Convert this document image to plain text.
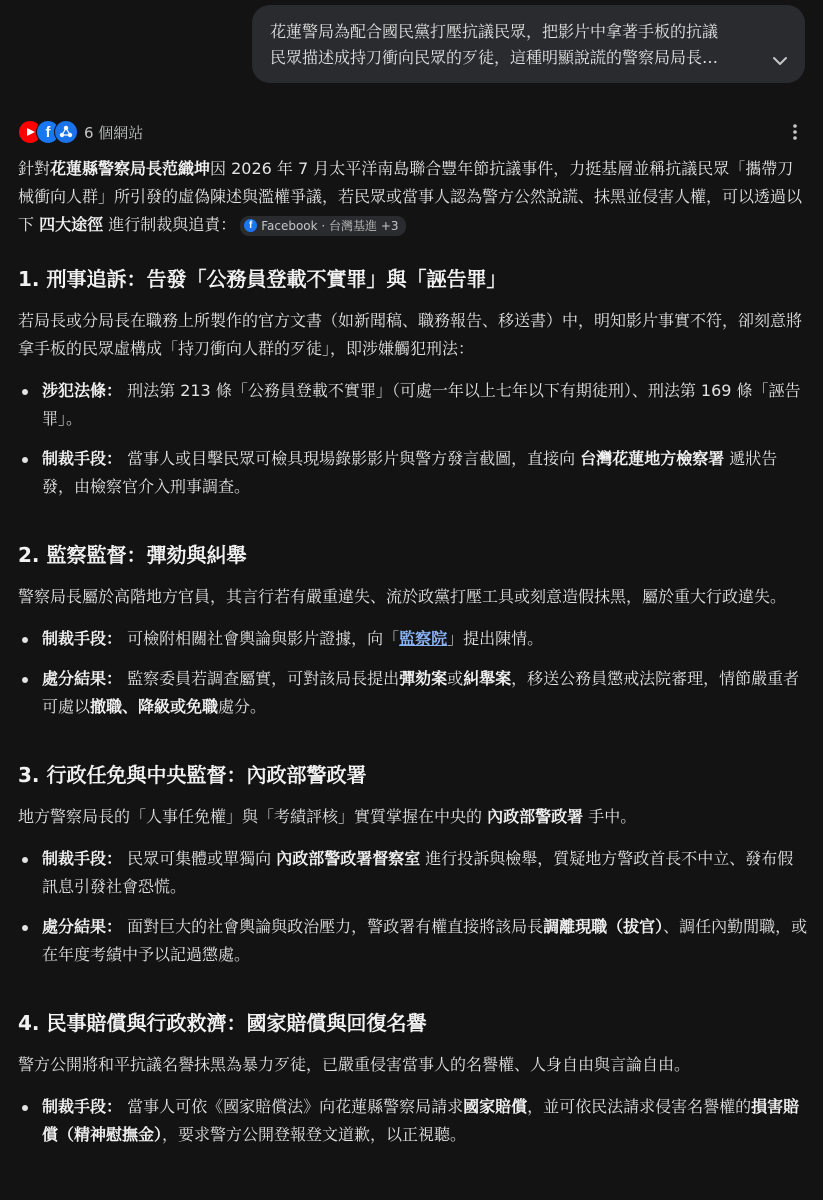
花蓮警局為配合國民黨打壓抗議民眾，把影片中拿著手板的抗議
民眾描述成持刀衝向民眾的歹徒，這種明顯說謊的警察局局長…
f	6 個網站

針對花蓮縣警察局長范織坤因 2026 年 7 月太平洋南島聯合豐年節抗議事件，力挺基層並稱抗議民眾「攜帶刀械衝向人群」所引發的虛偽陳述與濫權爭議，若民眾或當事人認為警方公然說謊、抹黑並侵害人權，可以透過以下 四大途徑 進行制裁與追責：	f Facebook · 台灣基進 +3

1. 刑事追訴：告發「公務員登載不實罪」與「誣告罪」

若局長或分局長在職務上所製作的官方文書（如新聞稿、職務報告、移送書）中，明知影片事實不符，卻刻意將拿手板的民眾虛構成「持刀衝向人群的歹徒」，即涉嫌觸犯刑法：

涉犯法條： 刑法第 213 條「公務員登載不實罪」（可處一年以上七年以下有期徒刑）、刑法第 169 條「誣告罪」。
制裁手段： 當事人或目擊民眾可檢具現場錄影影片與警方發言截圖，直接向 台灣花蓮地方檢察署 遞狀告發，由檢察官介入刑事調查。
2. 監察監督：彈劾與糾舉

警察局長屬於高階地方官員，其言行若有嚴重違失、流於政黨打壓工具或刻意造假抹黑，屬於重大行政違失。

制裁手段： 可檢附相關社會輿論與影片證據，向「監察院」提出陳情。
處分結果： 監察委員若調查屬實，可對該局長提出彈劾案或糾舉案，移送公務員懲戒法院審理，情節嚴重者可處以撤職、降級或免職處分。
3. 行政任免與中央監督：內政部警政署

地方警察局長的「人事任免權」與「考績評核」實質掌握在中央的 內政部警政署 手中。

制裁手段： 民眾可集體或單獨向 內政部警政署督察室 進行投訴與檢舉，質疑地方警政首長不中立、發布假訊息引發社會恐慌。
處分結果： 面對巨大的社會輿論與政治壓力，警政署有權直接將該局長調離現職（拔官）、調任內勤閒職，或在年度考績中予以記過懲處。
4. 民事賠償與行政救濟：國家賠償與回復名譽

警方公開將和平抗議名譽抹黑為暴力歹徒，已嚴重侵害當事人的名譽權、人身自由與言論自由。

制裁手段： 當事人可依《國家賠償法》向花蓮縣警察局請求國家賠償，並可依民法請求侵害名譽權的損害賠償（精神慰撫金），要求警方公開登報登文道歉，以正視聽。
